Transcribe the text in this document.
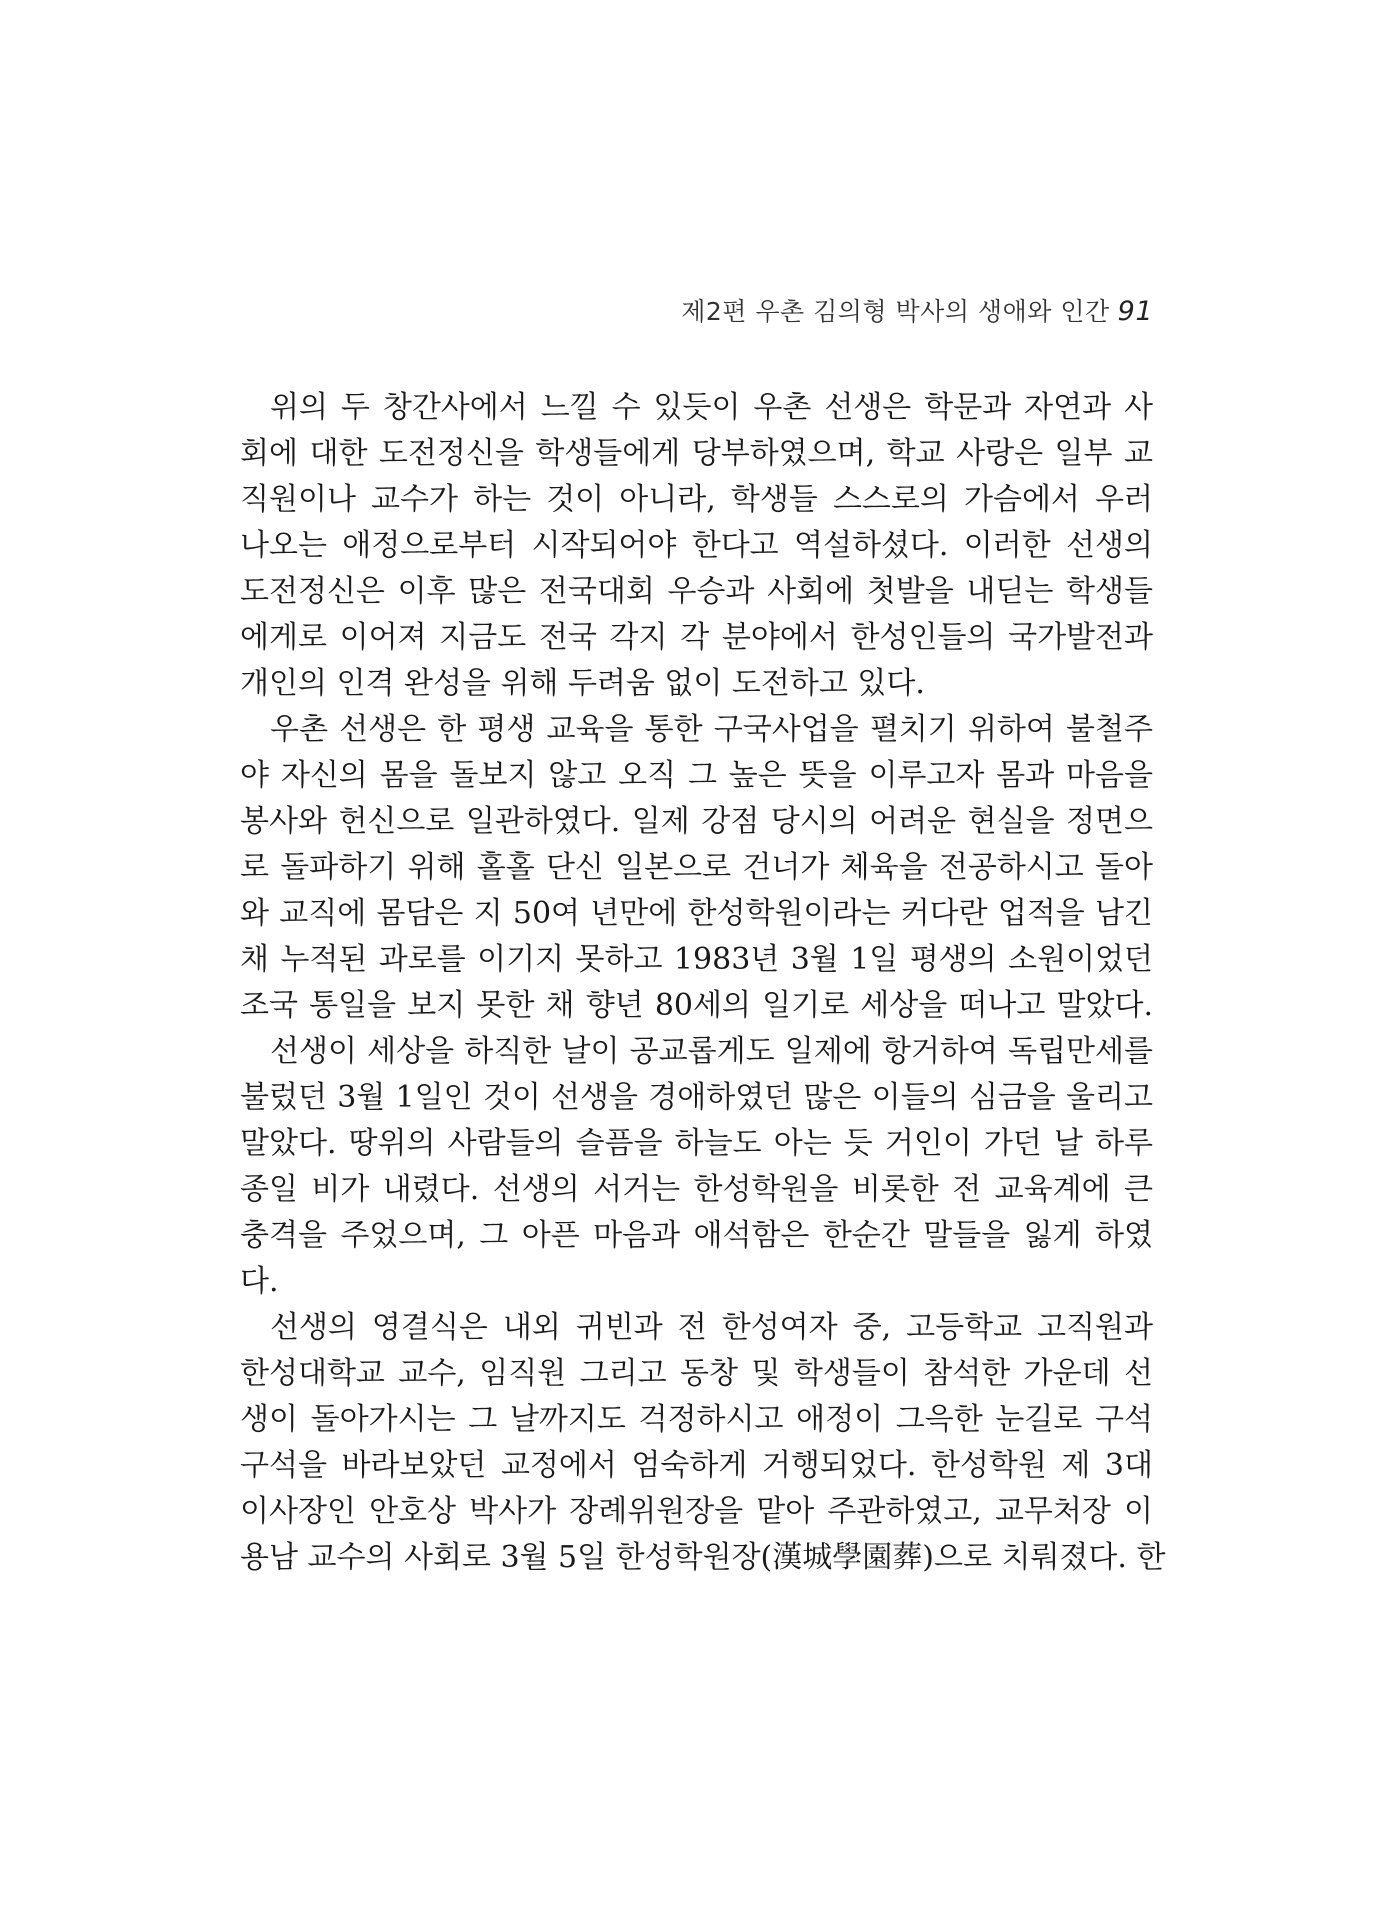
제2편 우촌 김의형 박사의 생애와 인간 91
위의 두 창간사에서 느낄 수 있듯이 우촌 선생은 학문과 자연과 사
회에 대한 도전정신을 학생들에게 당부하였으며, 학교 사랑은 일부 교
직원이나 교수가 하는 것이 아니라, 학생들 스스로의 가슴에서 우러
나오는 애정으로부터 시작되어야 한다고 역설하셨다. 이러한 선생의
도전정신은 이후 많은 전국대회 우승과 사회에 첫발을 내딛는 학생들
에게로 이어져 지금도 전국 각지 각 분야에서 한성인들의 국가발전과
개인의 인격 완성을 위해 두려움 없이 도전하고 있다.
우촌 선생은 한 평생 교육을 통한 구국사업을 펼치기 위하여 불철주
야 자신의 몸을 돌보지 않고 오직 그 높은 뜻을 이루고자 몸과 마음을
봉사와 헌신으로 일관하였다. 일제 강점 당시의 어려운 현실을 정면으
로 돌파하기 위해 홀홀 단신 일본으로 건너가 체육을 전공하시고 돌아
와 교직에 몸담은 지 50여 년만에 한성학원이라는 커다란 업적을 남긴
채 누적된 과로를 이기지 못하고 1983년 3월 1일 평생의 소원이었던
조국 통일을 보지 못한 채 향년 80세의 일기로 세상을 떠나고 말았다.
선생이 세상을 하직한 날이 공교롭게도 일제에 항거하여 독립만세를
불렀던 3월 1일인 것이 선생을 경애하였던 많은 이들의 심금을 울리고
말았다. 땅위의 사람들의 슬픔을 하늘도 아는 듯 거인이 가던 날 하루
종일 비가 내렸다. 선생의 서거는 한성학원을 비롯한 전 교육계에 큰
충격을 주었으며, 그 아픈 마음과 애석함은 한순간 말들을 잃게 하였
다.
선생의 영결식은 내외 귀빈과 전 한성여자 중, 고등학교 고직원과
한성대학교 교수, 임직원 그리고 동창 및 학생들이 참석한 가운데 선
생이 돌아가시는 그 날까지도 걱정하시고 애정이 그윽한 눈길로 구석
구석을 바라보았던 교정에서 엄숙하게 거행되었다. 한성학원 제 3대
이사장인 안호상 박사가 장례위원장을 맡아 주관하였고, 교무처장 이
용남 교수의 사회로 3월 5일 한성학원장(漢城學園葬)으로 치뤄졌다. 한
